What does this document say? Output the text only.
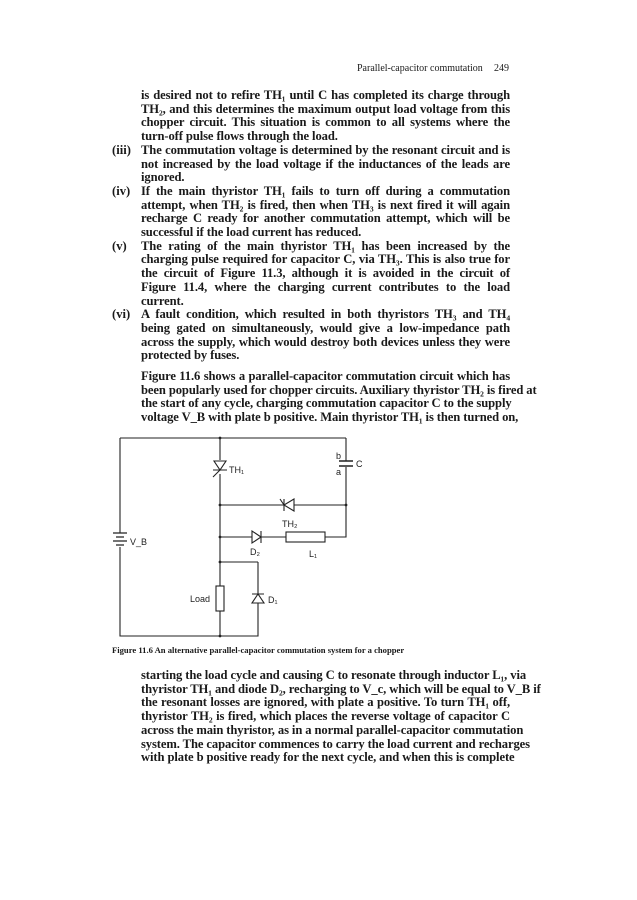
Parallel-capacitor commutation 249
is desired not to refire TH₁ until C has completed its charge through
TH₂, and this determines the maximum output load voltage from this
chopper circuit. This situation is common to all systems where the
turn-off pulse flows through the load.
(iii) The commutation voltage is determined by the resonant circuit and is
not increased by the load voltage if the inductances of the leads are
ignored.
(iv) If the main thyristor TH₁ fails to turn off during a commutation
attempt, when TH₂ is fired, then when TH₃ is next fired it will again
recharge C ready for another commutation attempt, which will be
successful if the load current has reduced.
(v) The rating of the main thyristor TH₁ has been increased by the
charging pulse required for capacitor C, via TH₃. This is also true for
the circuit of Figure 11.3, although it is avoided in the circuit of
Figure 11.4, where the charging current contributes to the load
current.
(vi) A fault condition, which resulted in both thyristors TH₃ and TH₄
being gated on simultaneously, would give a low-impedance path
across the supply, which would destroy both devices unless they were
protected by fuses.
Figure 11.6 shows a parallel-capacitor commutation circuit which has
been popularly used for chopper circuits. Auxiliary thyristor TH₂ is fired at
the start of any cycle, charging commutation capacitor C to the supply
voltage V_B with plate b positive. Main thyristor TH₁ is then turned on,
starting the load cycle and causing C to resonate through inductor L₁, via
thyristor TH₁ and diode D₂, recharging to V_c, which will be equal to V_B if
the resonant losses are ignored, with plate a positive. To turn TH₁ off,
thyristor TH₂ is fired, which places the reverse voltage of capacitor C
across the main thyristor, as in a normal parallel-capacitor commutation
system. The capacitor commences to carry the load current and recharges
with plate b positive ready for the next cycle, and when this is complete
TH₁
TH₂
D₂	L₁
D₁
C
b
a
V_B
Load
Figure 11.6 An alternative parallel-capacitor commutation system for a chopper
